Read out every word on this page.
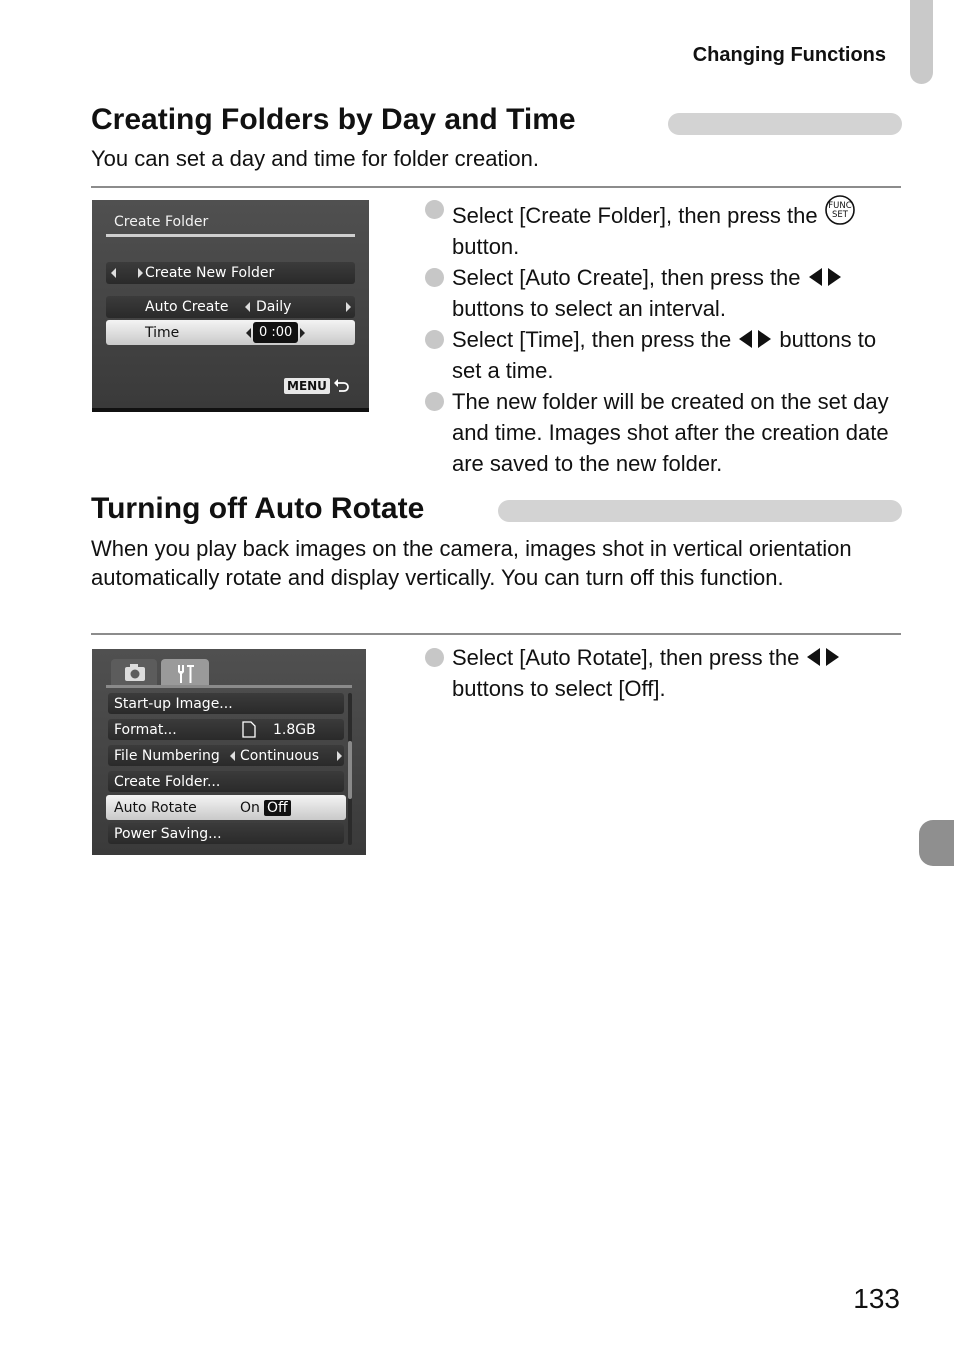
Changing Functions
Creating Folders by Day and Time

You can set a day and time for folder creation.

Create Folder
Create New Folder
Auto Create Daily
Time	0 :00
MENU
Select [Create Folder], then press the FUNC
SET
button.
Select [Auto Create], then press the  buttons to select an interval.
Select [Time], then press the  buttons to set a time.
The new folder will be created on the set day and time. Images shot after the creation date are saved to the new folder.
Turning off Auto Rotate

When you play back images on the camera, images shot in vertical orientation automatically rotate and display vertically. You can turn off this function.

Start-up Image...
Format...	1.8GB
File Numbering Continuous
Create Folder...
Auto Rotate	On Off
Power Saving...
Select [Auto Rotate], then press the  buttons to select [Off].
133
